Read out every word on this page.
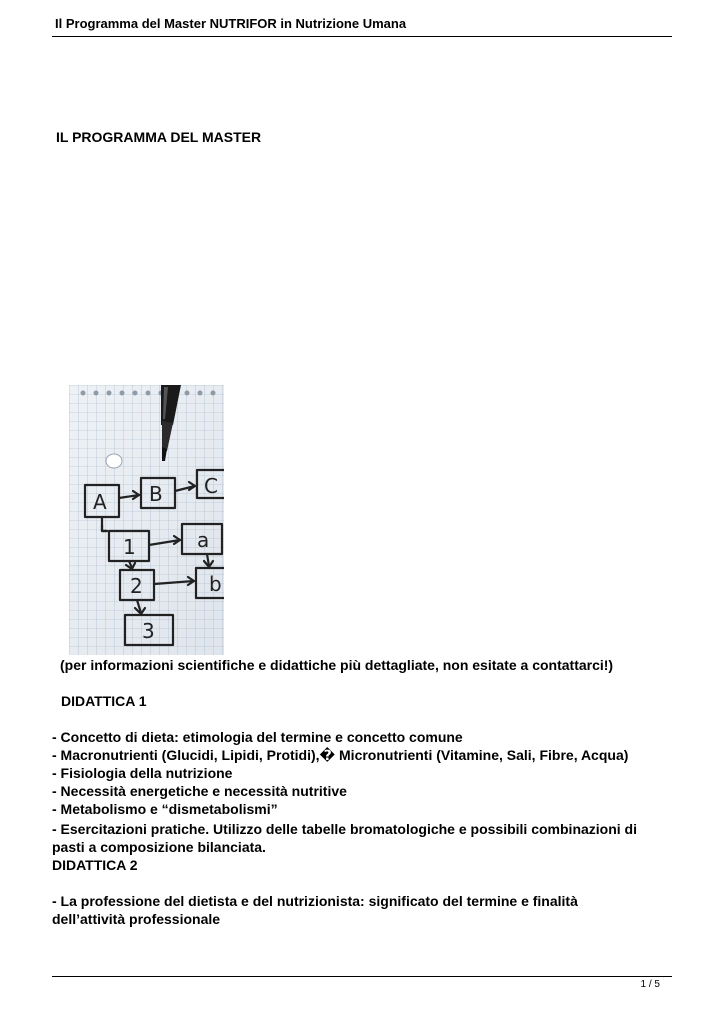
Il Programma del Master NUTRIFOR in Nutrizione Umana
IL PROGRAMMA DEL MASTER
A B C
1	a
2	b
3
(per informazioni scientifiche e didattiche più dettagliate, non esitate a contattarci!)
DIDATTICA 1
- Concetto di dieta: etimologia del termine e concetto comune
- Macronutrienti (Glucidi, Lipidi, Protidi),� Micronutrienti (Vitamine, Sali, Fibre, Acqua)
- Fisiologia della nutrizione
- Necessità energetiche e necessità nutritive
- Metabolismo e “dismetabolismi”
- Esercitazioni pratiche. Utilizzo delle tabelle bromatologiche e possibili combinazioni di
pasti a composizione bilanciata.
DIDATTICA 2
- La professione del dietista e del nutrizionista: significato del termine e finalità
dell’attività professionale
1 / 5
